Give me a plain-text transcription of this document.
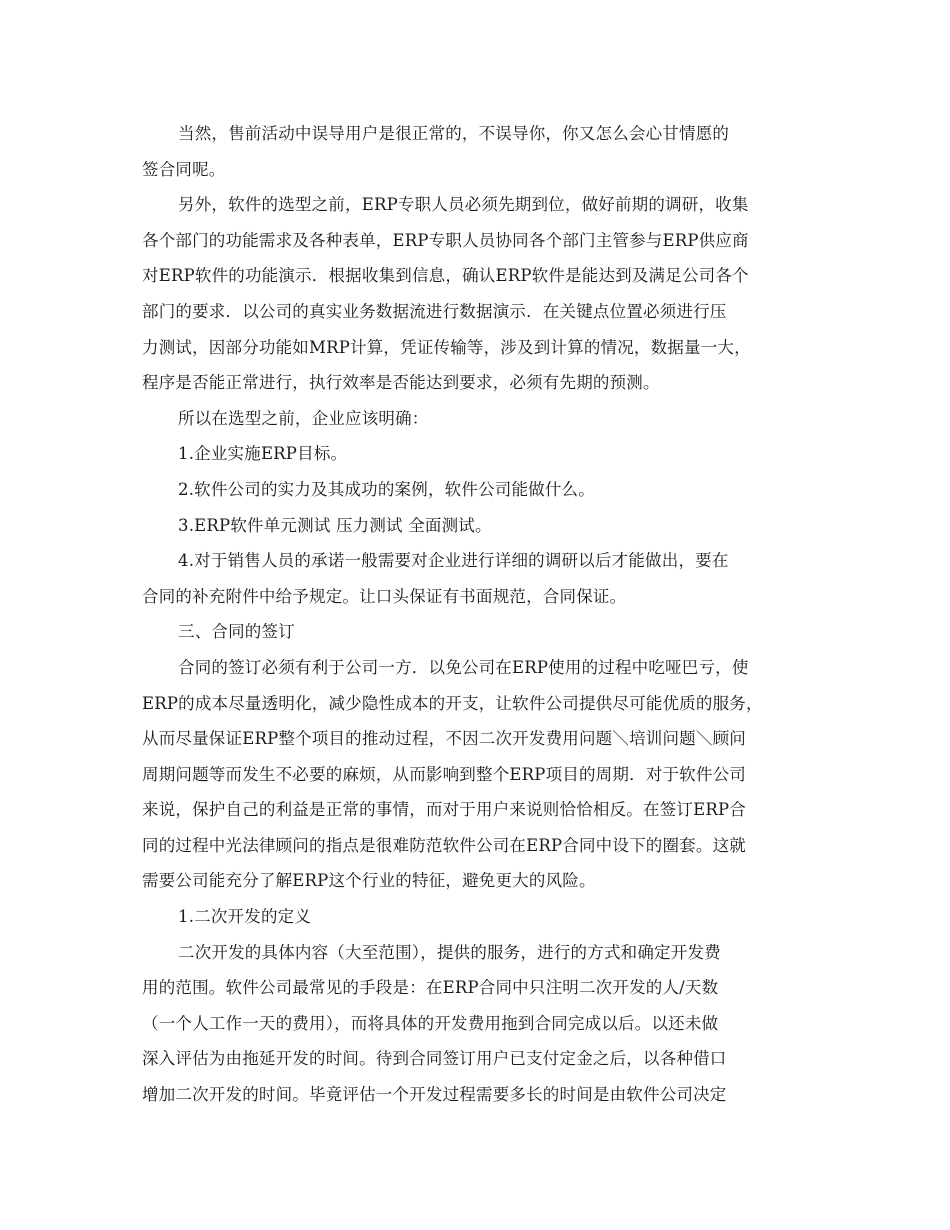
当然，售前活动中误导用户是很正常的，不误导你，你又怎么会心甘情愿的
签合同呢。
另外，软件的选型之前，ERP专职人员必须先期到位，做好前期的调研，收集
各个部门的功能需求及各种表单，ERP专职人员协同各个部门主管参与ERP供应商
对ERP软件的功能演示．根据收集到信息，确认ERP软件是能达到及满足公司各个
部门的要求．以公司的真实业务数据流进行数据演示．在关键点位置必须进行压
力测试，因部分功能如MRP计算，凭证传输等，涉及到计算的情况，数据量一大，
程序是否能正常进行，执行效率是否能达到要求，必须有先期的预测。
所以在选型之前，企业应该明确：
1.企业实施ERP目标。
2.软件公司的实力及其成功的案例，软件公司能做什么。
3.ERP软件单元测试 压力测试 全面测试。
4.对于销售人员的承诺一般需要对企业进行详细的调研以后才能做出，要在
合同的补充附件中给予规定。让口头保证有书面规范，合同保证。
三、合同的签订
合同的签订必须有利于公司一方．以免公司在ERP使用的过程中吃哑巴亏，使
ERP的成本尽量透明化，减少隐性成本的开支，让软件公司提供尽可能优质的服务，
从而尽量保证ERP整个项目的推动过程，不因二次开发费用问题＼培训问题＼顾问
周期问题等而发生不必要的麻烦，从而影响到整个ERP项目的周期．对于软件公司
来说，保护自己的利益是正常的事情，而对于用户来说则恰恰相反。在签订ERP合
同的过程中光法律顾问的指点是很难防范软件公司在ERP合同中设下的圈套。这就
需要公司能充分了解ERP这个行业的特征，避免更大的风险。
1.二次开发的定义
二次开发的具体内容（大至范围），提供的服务，进行的方式和确定开发费
用的范围。软件公司最常见的手段是：在ERP合同中只注明二次开发的人/天数
（一个人工作一天的费用），而将具体的开发费用拖到合同完成以后。以还未做
深入评估为由拖延开发的时间。待到合同签订用户已支付定金之后，以各种借口
增加二次开发的时间。毕竟评估一个开发过程需要多长的时间是由软件公司决定
